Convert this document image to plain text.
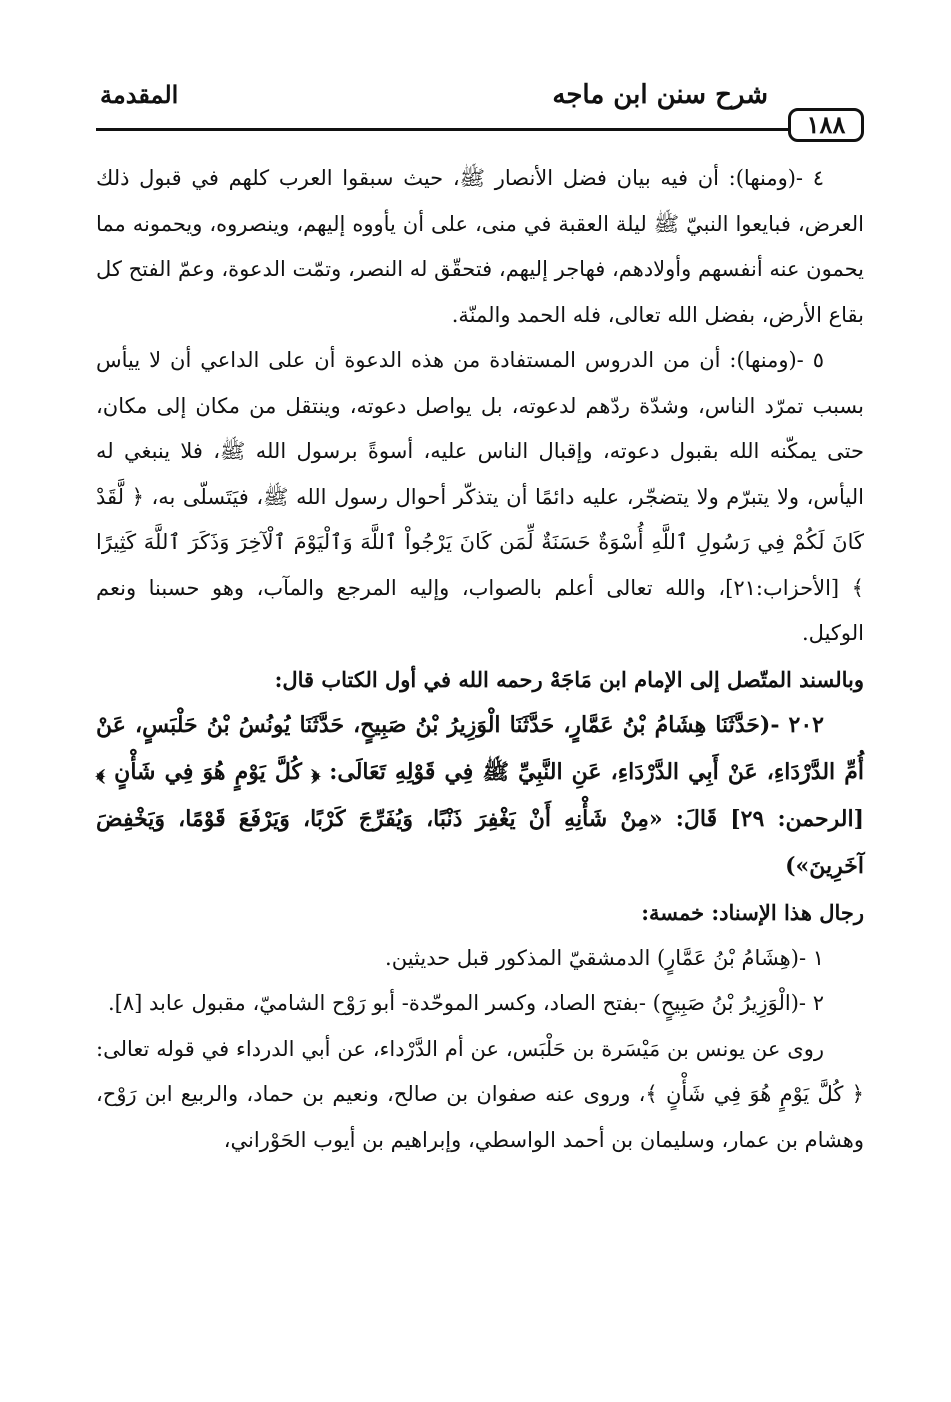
المقدمة	شرح سنن ابن ماجه
١٨٨

٤ -(ومنها): أن فيه بيان فضل الأنصار ﷺ، حيث سبقوا العرب كلهم في قبول ذلك العرض، فبايعوا النبيّ ﷺ ليلة العقبة في منى، على أن يأووه إليهم، وينصروه، ويحمونه مما يحمون عنه أنفسهم وأولادهم، فهاجر إليهم، فتحقّق له النصر، وتمّت الدعوة، وعمّ الفتح كل بقاع الأرض، بفضل الله تعالى، فله الحمد والمنّة.

٥ -(ومنها): أن من الدروس المستفادة من هذه الدعوة أن على الداعي أن لا ييأس بسبب تمرّد الناس، وشدّة ردّهم لدعوته، بل يواصل دعوته، وينتقل من مكان إلى مكان، حتى يمكّنه الله بقبول دعوته، وإقبال الناس عليه، أسوةً برسول الله ﷺ، فلا ينبغي له اليأس، ولا يتبرّم ولا يتضجّر، عليه دائمًا أن يتذكّر أحوال رسول الله ﷺ، فيَتَسلّى به، ﴿ لَّقَدْ كَانَ لَكُمْ فِي رَسُولِ ٱللَّهِ أُسْوَةٌ حَسَنَةٌ لِّمَن كَانَ يَرْجُواْ ٱللَّهَ وَٱلْيَوْمَ ٱلْآخِرَ وَذَكَرَ ٱللَّهَ كَثِيرًا ﴾ [الأحزاب:٢١]، والله تعالى أعلم بالصواب، وإليه المرجع والمآب، وهو حسبنا ونعم الوكيل.

وبالسند المتّصل إلى الإمام ابن مَاجَهْ رحمه الله في أول الكتاب قال:

٢٠٢ -(حَدَّثَنَا هِشَامُ بْنُ عَمَّارٍ، حَدَّثَنَا الْوَزِيرُ بْنُ صَبِيحٍ، حَدَّثَنَا يُونُسُ بْنُ حَلْبَسٍ، عَنْ أُمِّ الدَّرْدَاءِ، عَنْ أَبِي الدَّرْدَاءِ، عَنِ النَّبِيِّ ﷺ فِي قَوْلِهِ تَعَالَى: ﴿ كُلَّ يَوْمٍ هُوَ فِي شَأْنٍ ﴾ [الرحمن: ٢٩] قَالَ: «مِنْ شَأْنِهِ أَنْ يَغْفِرَ ذَنْبًا، وَيُفَرِّجَ كَرْبًا، وَيَرْفَعَ قَوْمًا، وَيَخْفِضَ آخَرِينَ»)

رجال هذا الإسناد: خمسة:

١ -(هِشَامُ بْنُ عَمَّارٍ) الدمشقيّ المذكور قبل حديثين.

٢ -(الْوَزِيرُ بْنُ صَبِيحٍ) -بفتح الصاد، وكسر الموحّدة- أبو رَوْح الشاميّ، مقبول عابد [٨].

روى عن يونس بن مَيْسَرة بن حَلْبَس، عن أم الدَّرْداء، عن أبي الدرداء في قوله تعالى: ﴿ كُلَّ يَوْمٍ هُوَ فِي شَأْنٍ ﴾، وروى عنه صفوان بن صالح، ونعيم بن حماد، والربيع ابن رَوْح، وهشام بن عمار، وسليمان بن أحمد الواسطي، وإبراهيم بن أيوب الحَوْراني،
